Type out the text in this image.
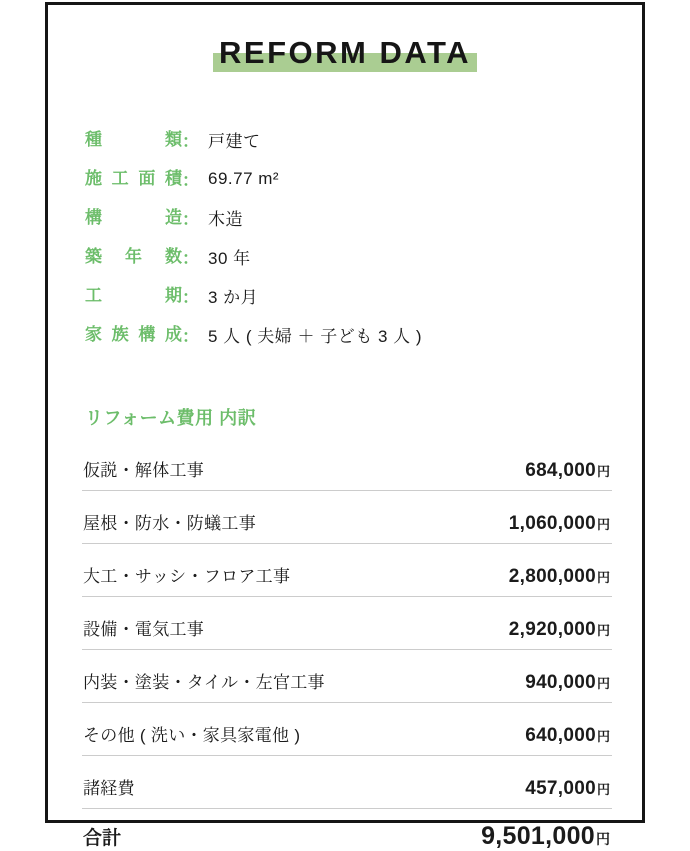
REFORM DATA
種類 ： 戸建て
施工面積 ： 69.77 m²
構造 ： 木造
築年数 ： 30 年
工期 ： 3 か月
家族構成 ： 5 人 ( 夫婦 ＋ 子ども 3 人 )
リフォーム費用 内訳
仮説・解体工事	684,000円
屋根・防水・防蟻工事	1,060,000円
大工・サッシ・フロア工事	2,800,000円
設備・電気工事	2,920,000円
内装・塗装・タイル・左官工事	940,000円
その他 ( 洗い・家具家電他 )	640,000円
諸経費	457,000円
合計	9,501,000円
